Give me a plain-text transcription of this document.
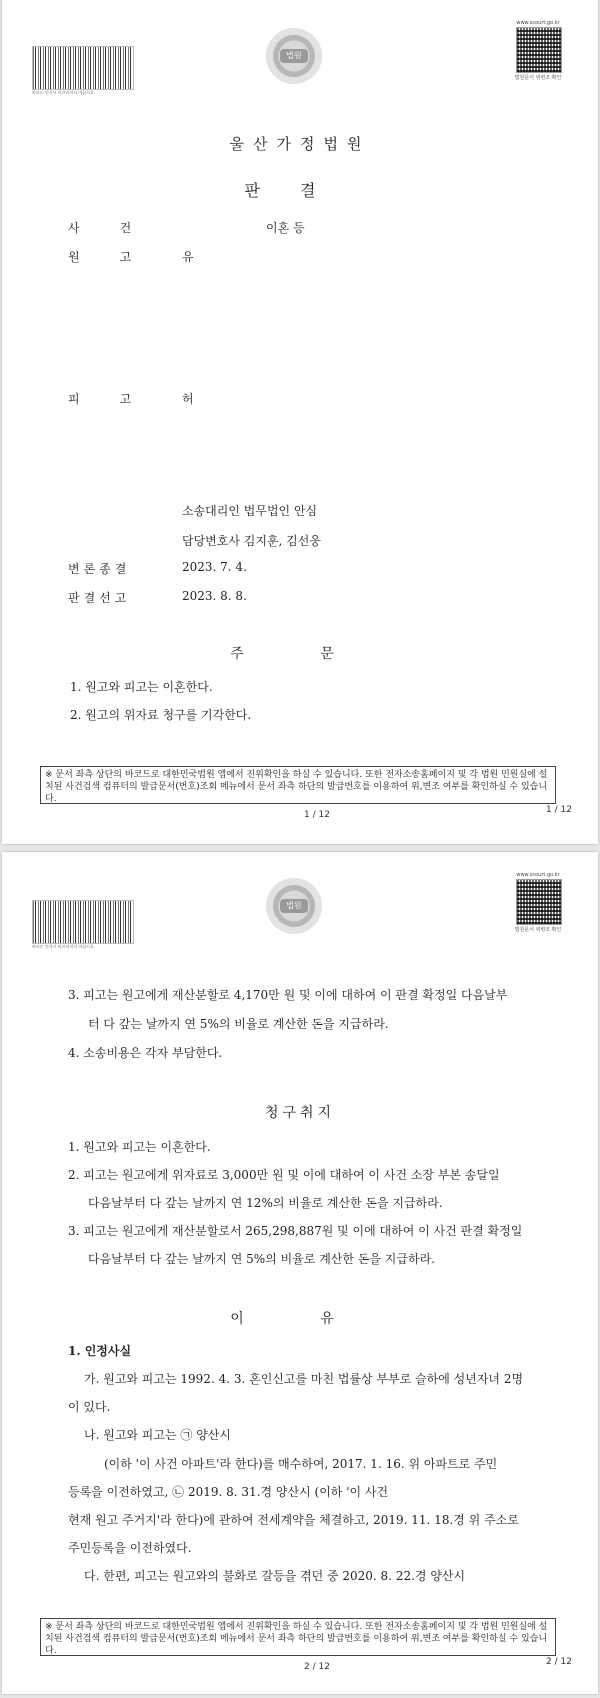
바코드 인식시 미끄러지지 마십시오.
법원
www.scourt.go.kr
법원문서 위변조 확인
울산가정법원
판결
사건	이혼 등
원고 유
피고 허
소송대리인 법무법인 안심
담당변호사 김지훈, 김선웅
변론종결	2023. 7. 4.
판결선고	2023. 8. 8.
주 문
1. 원고와 피고는 이혼한다.
2. 원고의 위자료 청구를 기각한다.
※ 문서 좌측 상단의 바코드로 대한민국법원 앱에서 진위확인을 하실 수 있습니다. 또한 전자소송홈페이지 및 각 법원 민원실에 설치된 사건검색 컴퓨터의 발급문서(번호)조회 메뉴에서 문서 좌측 하단의 발급번호를 이용하여 위,변조 여부를 확인하실 수 있습니다.
1 / 12	1 / 12
바코드 인식시 미끄러지지 마십시오.
법원
www.scourt.go.kr
법원문서 위변조 확인
3. 피고는 원고에게 재산분할로 4,170만 원 및 이에 대하여 이 판결 확정일 다음날부
터 다 갚는 날까지 연 5%의 비율로 계산한 돈을 지급하라.
4. 소송비용은 각자 부담한다.
청구취지
1. 원고와 피고는 이혼한다.
2. 피고는 원고에게 위자료로 3,000만 원 및 이에 대하여 이 사건 소장 부본 송달일
다음날부터 다 갚는 날까지 연 12%의 비율로 계산한 돈을 지급하라.
3. 피고는 원고에게 재산분할로서 265,298,887원 및 이에 대하여 이 사건 판결 확정일
다음날부터 다 갚는 날까지 연 5%의 비율로 계산한 돈을 지급하라.
이 유
1. 인정사실
가. 원고와 피고는 1992. 4. 3. 혼인신고를 마친 법률상 부부로 슬하에 성년자녀 2명
이 있다.
나. 원고와 피고는 ㉠ 양산시
(이하 '이 사건 아파트'라 한다)를 매수하여, 2017. 1. 16. 위 아파트로 주민
등록을 이전하였고, ㉡ 2019. 8. 31.경 양산시 (이하 '이 사건
현재 원고 주거지'라 한다)에 관하여 전세계약을 체결하고, 2019. 11. 18.경 위 주소로
주민등록을 이전하였다.
다. 한편, 피고는 원고와의 불화로 갈등을 겪던 중 2020. 8. 22.경 양산시
※ 문서 좌측 상단의 바코드로 대한민국법원 앱에서 진위확인을 하실 수 있습니다. 또한 전자소송홈페이지 및 각 법원 민원실에 설치된 사건검색 컴퓨터의 발급문서(번호)조회 메뉴에서 문서 좌측 하단의 발급번호를 이용하여 위,변조 여부를 확인하실 수 있습니다.
2 / 12	2 / 12
